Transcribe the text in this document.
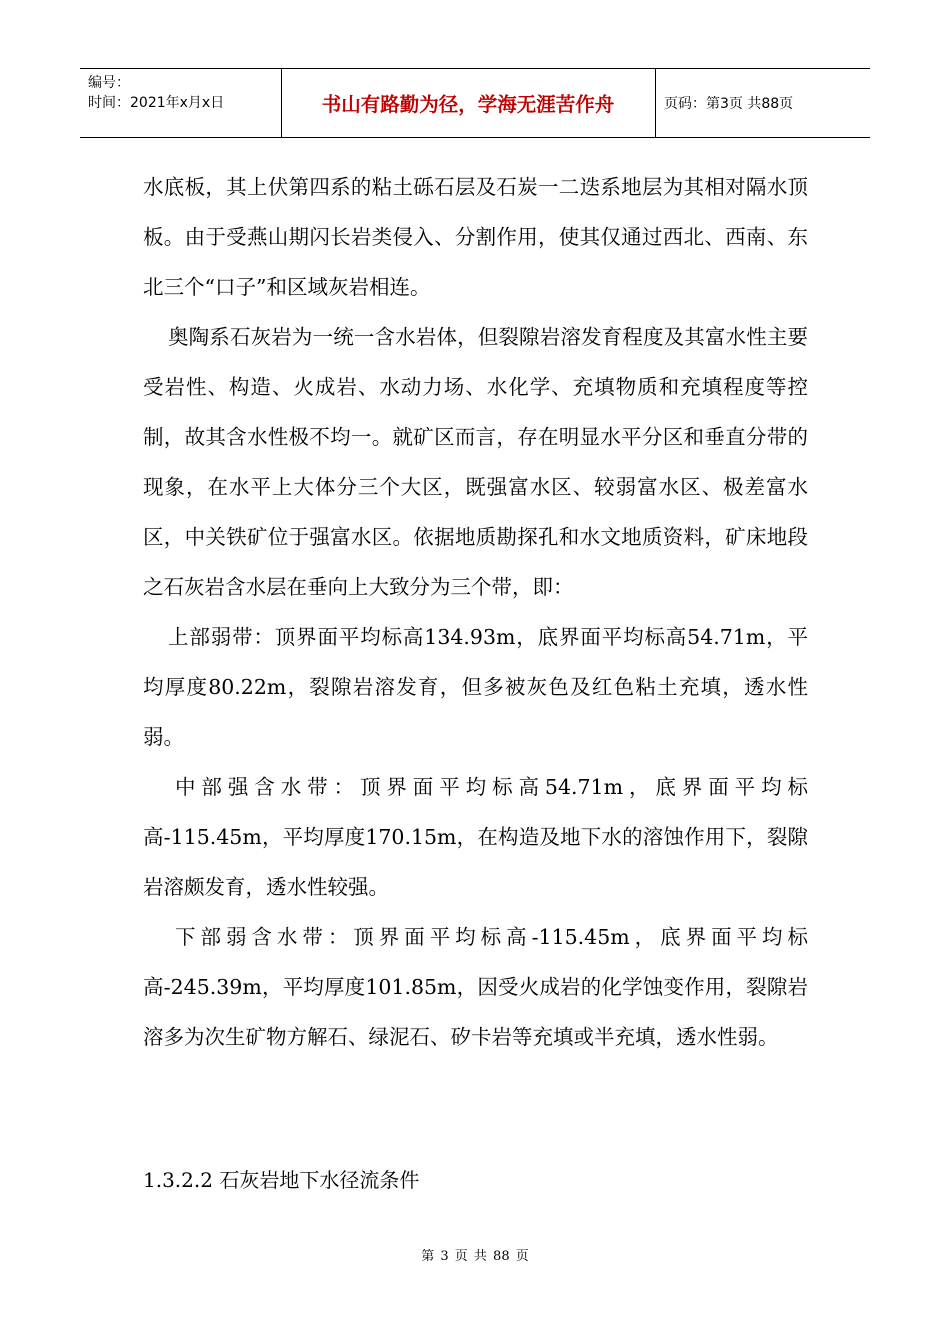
编号：
时间：2021年x月x日	书山有路勤为径，学海无涯苦作舟	页码：第3页 共88页

水底板，其上伏第四系的粘土砾石层及石炭一二迭系地层为其相对隔水顶板。由于受燕山期闪长岩类侵入、分割作用，使其仅通过西北、西南、东北三个“口子”和区域灰岩相连。

奥陶系石灰岩为一统一含水岩体，但裂隙岩溶发育程度及其富水性主要受岩性、构造、火成岩、水动力场、水化学、充填物质和充填程度等控制，故其含水性极不均一。就矿区而言，存在明显水平分区和垂直分带的现象，在水平上大体分三个大区，既强富水区、较弱富水区、极差富水区，中关铁矿位于强富水区。依据地质勘探孔和水文地质资料，矿床地段之石灰岩含水层在垂向上大致分为三个带，即：

上部弱带：顶界面平均标高134.93m，底界面平均标高54.71m，平均厚度80.22m，裂隙岩溶发育，但多被灰色及红色粘土充填，透水性弱。

中部强含水带：顶界面平均标高54.71m，底界面平均标高-115.45m，平均厚度170.15m，在构造及地下水的溶蚀作用下，裂隙岩溶颇发育，透水性较强。

下部弱含水带：顶界面平均标高-115.45m，底界面平均标高-245.39m，平均厚度101.85m，因受火成岩的化学蚀变作用，裂隙岩溶多为次生矿物方解石、绿泥石、矽卡岩等充填或半充填，透水性弱。

1.3.2.2 石灰岩地下水径流条件
第 3 页 共 88 页
